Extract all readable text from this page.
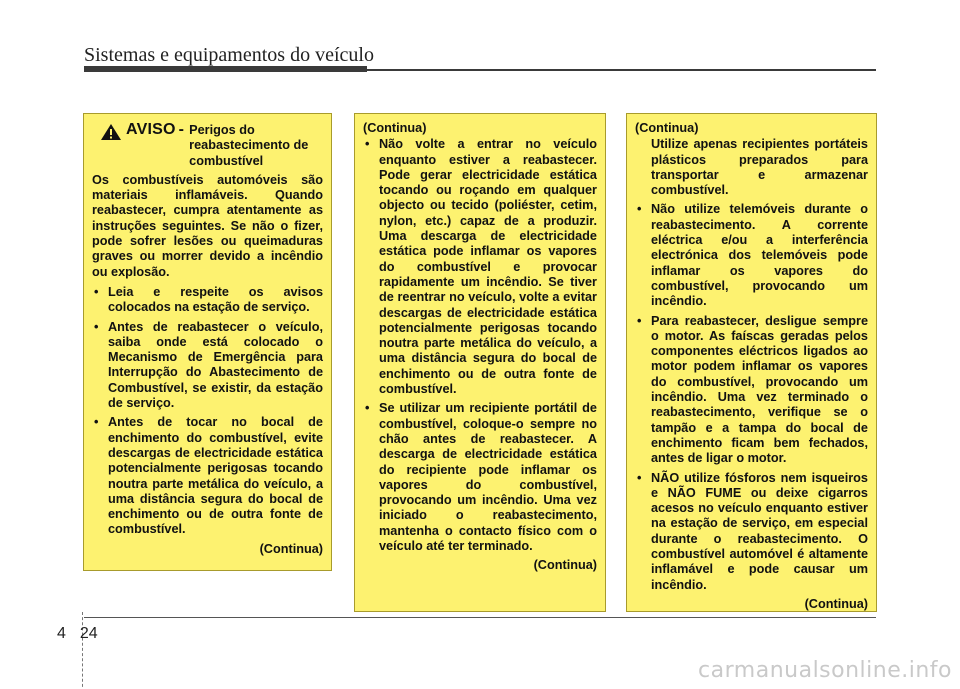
Sistemas e equipamentos do veículo
AVISO - Perigos do reabastecimento de combustível

Os combustíveis automóveis são materiais inflamáveis. Quando reabastecer, cumpra atentamente as instruções seguintes. Se não o fizer, pode sofrer lesões ou queimaduras graves ou morrer devido a incêndio ou explosão.

• Leia e respeite os avisos colocados na estação de serviço.
• Antes de reabastecer o veículo, saiba onde está colocado o Mecanismo de Emergência para Interrupção do Abastecimento de Combustível, se existir, da estação de serviço.
• Antes de tocar no bocal de enchimento do combustível, evite descargas de electricidade estática potencialmente perigosas tocando noutra parte metálica do veículo, a uma distância segura do bocal de enchimento ou de outra fonte de combustível.

(Continua)

(Continua)

• Não volte a entrar no veículo enquanto estiver a reabastecer. Pode gerar electricidade estática tocando ou roçando em qualquer objecto ou tecido (poliéster, cetim, nylon, etc.) capaz de a produzir. Uma descarga de electricidade estática pode inflamar os vapores do combustível e provocar rapidamente um incêndio. Se tiver de reentrar no veículo, volte a evitar descargas de electricidade estática potencialmente perigosas tocando noutra parte metálica do veículo, a uma distância segura do bocal de enchimento ou de outra fonte de combustível.
• Se utilizar um recipiente portátil de combustível, coloque-o sempre no chão antes de reabastecer. A descarga de electricidade estática do recipiente pode inflamar os vapores do combustível, provocando um incêndio. Uma vez iniciado o reabastecimento, mantenha o contacto físico com o veículo até ter terminado.

(Continua)

(Continua)

Utilize apenas recipientes portáteis plásticos preparados para transportar e armazenar combustível.

• Não utilize telemóveis durante o reabastecimento. A corrente eléctrica e/ou a interferência electrónica dos telemóveis pode inflamar os vapores do combustível, provocando um incêndio.
• Para reabastecer, desligue sempre o motor. As faíscas geradas pelos componentes eléctricos ligados ao motor podem inflamar os vapores do combustível, provocando um incêndio. Uma vez terminado o reabastecimento, verifique se o tampão e a tampa do bocal de enchimento ficam bem fechados, antes de ligar o motor.
• NÃO utilize fósforos nem isqueiros e NÃO FUME ou deixe cigarros acesos no veículo enquanto estiver na estação de serviço, em especial durante o reabastecimento. O combustível automóvel é altamente inflamável e pode causar um incêndio.

(Continua)

4 24
carmanualsonline.info
